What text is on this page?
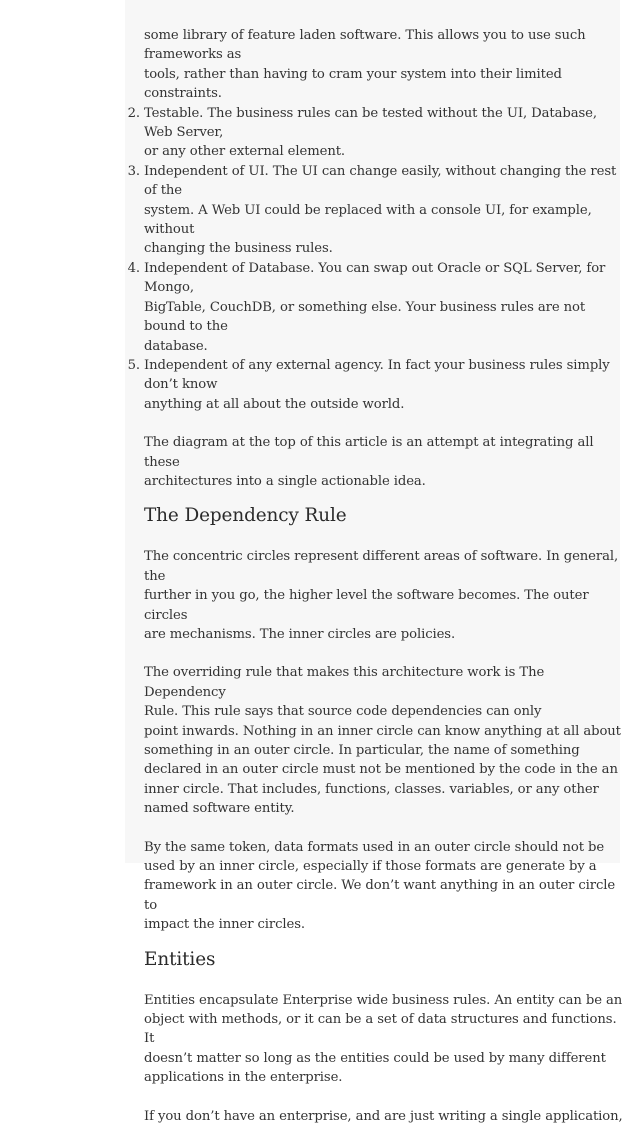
some library of feature laden software. This allows you to use such frameworks as
tools, rather than having to cram your system into their limited constraints.

2. Testable. The business rules can be tested without the UI, Database, Web Server,
or any other external element.
3. Independent of UI. The UI can change easily, without changing the rest of the
system. A Web UI could be replaced with a console UI, for example, without
changing the business rules.
4. Independent of Database. You can swap out Oracle or SQL Server, for Mongo,
BigTable, CouchDB, or something else. Your business rules are not bound to the
database.
5. Independent of any external agency. In fact your business rules simply don’t know
anything at all about the outside world.

The diagram at the top of this article is an attempt at integrating all these
architectures into a single actionable idea.

The Dependency Rule

The concentric circles represent different areas of software. In general, the
further in you go, the higher level the software becomes. The outer circles
are mechanisms. The inner circles are policies.

The overriding rule that makes this architecture work is The Dependency
Rule. This rule says that source code dependencies can only
point inwards. Nothing in an inner circle can know anything at all about
something in an outer circle. In particular, the name of something
declared in an outer circle must not be mentioned by the code in the an
inner circle. That includes, functions, classes. variables, or any other
named software entity.

By the same token, data formats used in an outer circle should not be
used by an inner circle, especially if those formats are generate by a
framework in an outer circle. We don’t want anything in an outer circle to
impact the inner circles.

Entities

Entities encapsulate Enterprise wide business rules. An entity can be an
object with methods, or it can be a set of data structures and functions. It
doesn’t matter so long as the entities could be used by many different
applications in the enterprise.

If you don’t have an enterprise, and are just writing a single application,
